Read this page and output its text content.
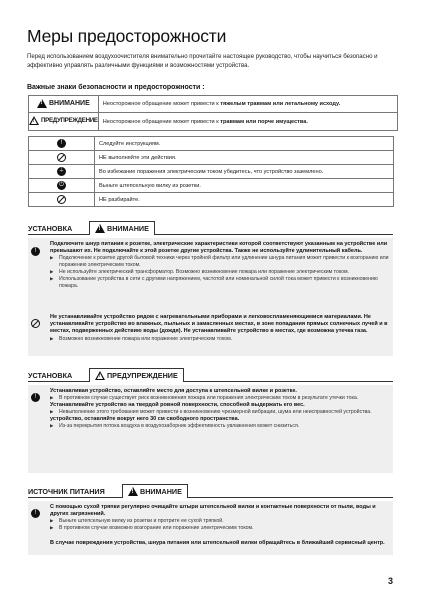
Меры предосторожности
Перед использованием воздухоочистителя внимательно прочитайте настоящее руководство, чтобы научиться безопасно и эффективно управлять различными функциями и возможностями устройства.
Важные знаки безопасности и предосторожности :
!
ВНИМАНИЕ	Неосторожное обращение может привести к тяжелым травмам или летальному исходу.

!
ПРЕДУПРЕЖДЕНИЕ	Неосторожное обращение может привести к травмам или порче имущества.
!	Следуйте инструкциям.
	НЕ выполняйте эти действия.
⏚	Во избежание поражения электрическим током убедитесь, что устройство заземлено.
⏻	Выньте штепсельную вилку из розетки.
	НЕ разбирайте.
УСТАНОВКА !	ВНИМАНИЕ
!
Подключите шнур питания к розетке, электрические характеристики которой соответствуют указанным на устройстве или превышают их. Не подключайте к этой розетке другие устройства. Также не используйте удлинительный кабель.
▶ Подключение к розетке другой бытовой техники через тройной фильтр или удлинение шнура питания может привести к возгоранию или поражению электрическим током.
▶ Не используйте электрический трансформатор. Возможно возникновение пожара или поражение электрическим током.
▶ Использование устройства в сети с другими напряжением, частотой или номинальной силой тока может привести к возникновению пожара.
Не устанавливайте устройство рядом с нагревательными приборами и легковоспламеняющимися материалами. Не устанавливайте устройство во влажных, пыльных и замасленных местах, в зоне попадания прямых солнечных лучей и в местах, подверженных действию воды (дождя). Не устанавливайте устройство в местах, где возможна утечка газа.
▶ Возможно возникновение пожара или поражение электрическим током.
УСТАНОВКА !	ПРЕДУПРЕЖДЕНИЕ
!
Устанавливая устройство, оставляйте место для доступа к штепсельной вилке и розетке.
▶ В противном случае существует риск возникновения пожара или поражения электрическим током в результате утечки тока.
Устанавливайте устройство на твердой ровной поверхности, способной выдержать его вес.
▶ Невыполнение этого требования может привести к возникновению чрезмерной вибрации, шума или неисправностей устройства.
устройство, оставляйте вокруг него 30 см свободного пространства.
▶ Из-за перекрытия потока воздуха в воздухозаборник эффективность увлажнения может снизиться.
ИСТОЧНИК ПИТАНИЯ !	ВНИМАНИЕ
!
С помощью сухой тряпки регулярно очищайте штыри штепсельной вилки и контактные поверхности от пыли, воды и других загрязнений.
▶ Выньте штепсельную вилку из розетки и протрите ее сухой тряпкой.
▶ В противном случае возможно возгорание или поражение электрическим током.
В случае повреждения устройства, шнура питания или штепсельной вилки обращайтесь в ближайший сервисный центр.
3
